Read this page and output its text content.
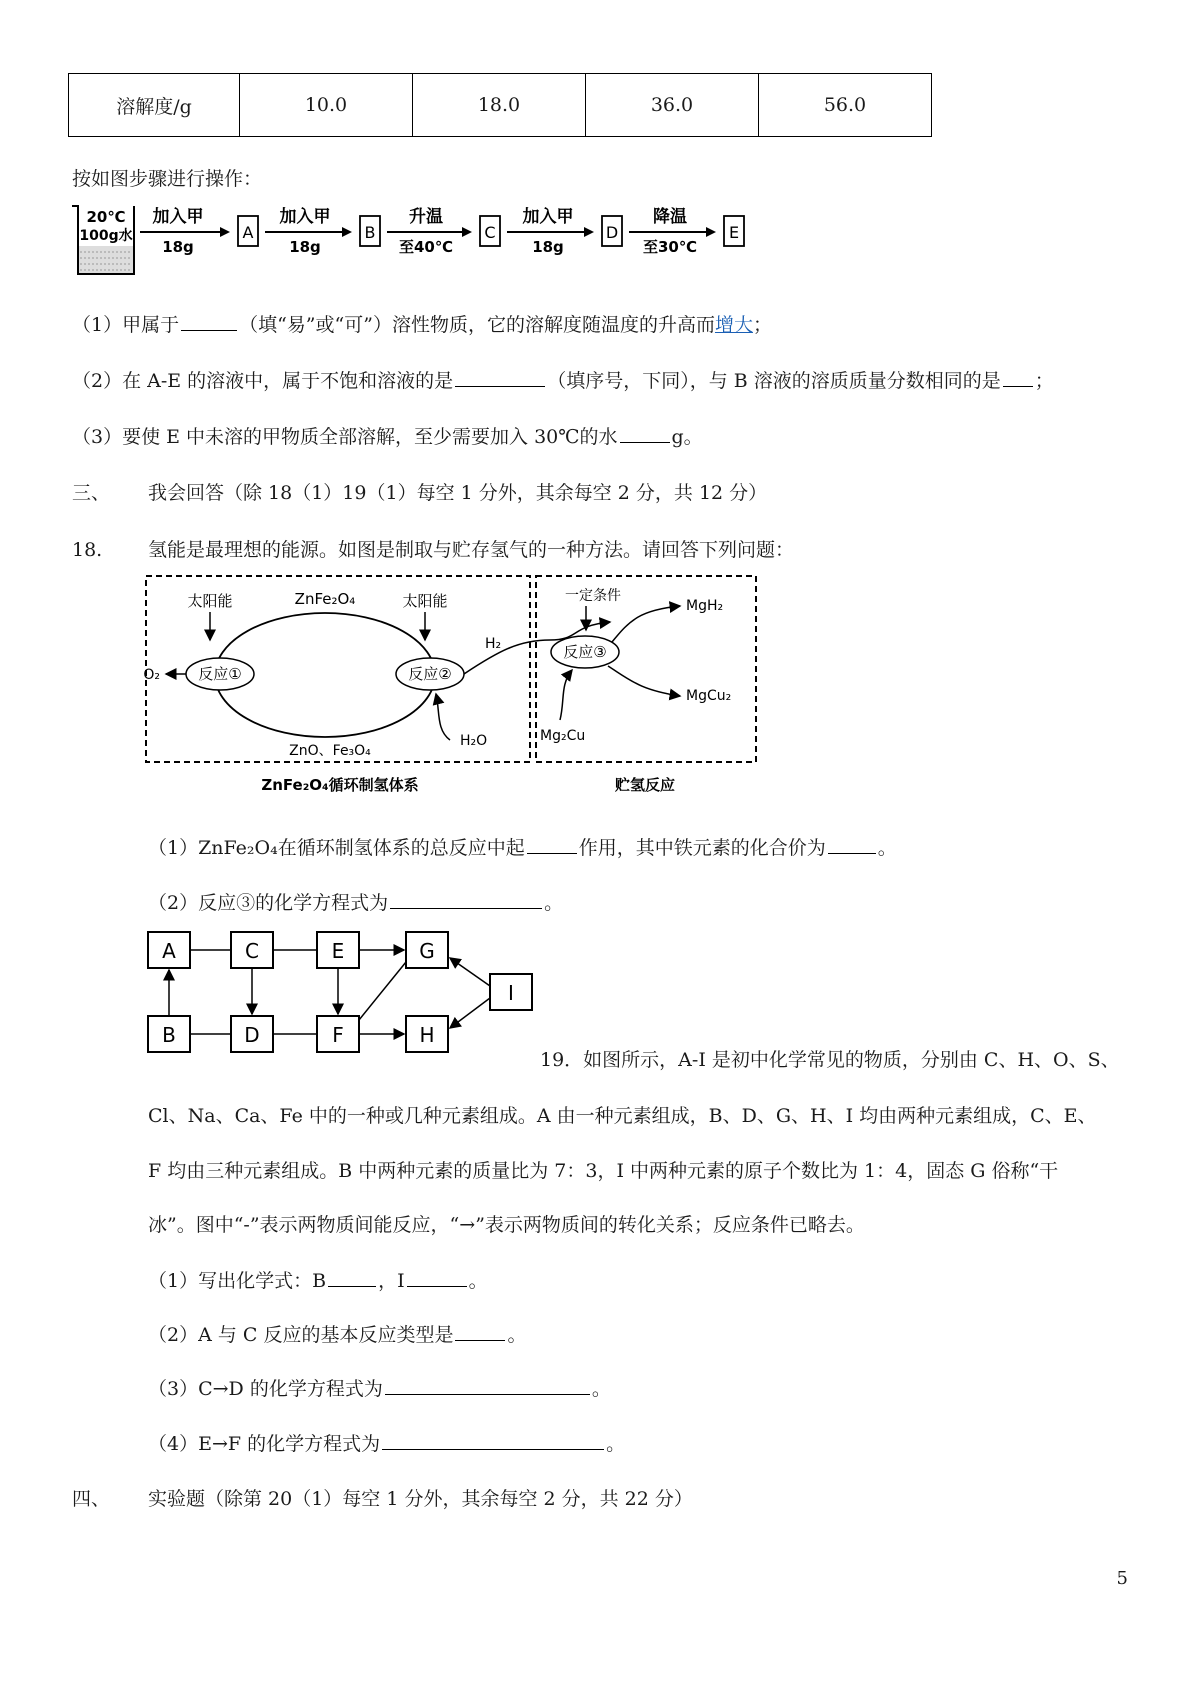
溶解度/g	10.0	18.0	36.0	56.0
按如图步骤进行操作：
20℃
100g水
加入甲
18g
A
加入甲
18g
B
升温
至40℃
C
加入甲
18g
D
降温
至30℃
E
（1）甲属于	（填“易”或“可”）溶性物质，它的溶解度随温度的升高而增大；
（2）在 A-E 的溶液中，属于不饱和溶液的是	（填序号，下同），与 B 溶液的溶质质量分数相同的是 ；
（3）要使 E 中未溶的甲物质全部溶解，至少需要加入 30℃的水	g。
三、 我会回答（除 18（1）19（1）每空 1 分外，其余每空 2 分，共 12 分）
18. 氢能是最理想的能源。如图是制取与贮存氢气的一种方法。请回答下列问题：
太阳能	ZnFe₂O₄	太阳能
反应①	反应②
O₂
H₂
一定条件
反应③
MgH₂
MgCu₂
Mg₂Cu
H₂O
ZnO、Fe₃O₄
ZnFe₂O₄循环制氢体系	贮氢反应
（1）ZnFe₂O₄在循环制氢体系的总反应中起	作用，其中铁元素的化合价为	。
（2）反应③的化学方程式为	。
A	C	E	G
B	D	F	H
I
19．如图所示，A-I 是初中化学常见的物质，分别由 C、H、O、S、
Cl、Na、Ca、Fe 中的一种或几种元素组成。A 由一种元素组成，B、D、G、H、I 均由两种元素组成，C、E、
F 均由三种元素组成。B 中两种元素的质量比为 7：3，I 中两种元素的原子个数比为 1：4，固态 G 俗称“干
冰”。图中“-”表示两物质间能反应，“→”表示两物质间的转化关系；反应条件已略去。
（1）写出化学式：B	，I	。
（2）A 与 C 反应的基本反应类型是	。
（3）C→D 的化学方程式为	。
（4）E→F 的化学方程式为	。
四、 实验题（除第 20（1）每空 1 分外，其余每空 2 分，共 22 分）
5
